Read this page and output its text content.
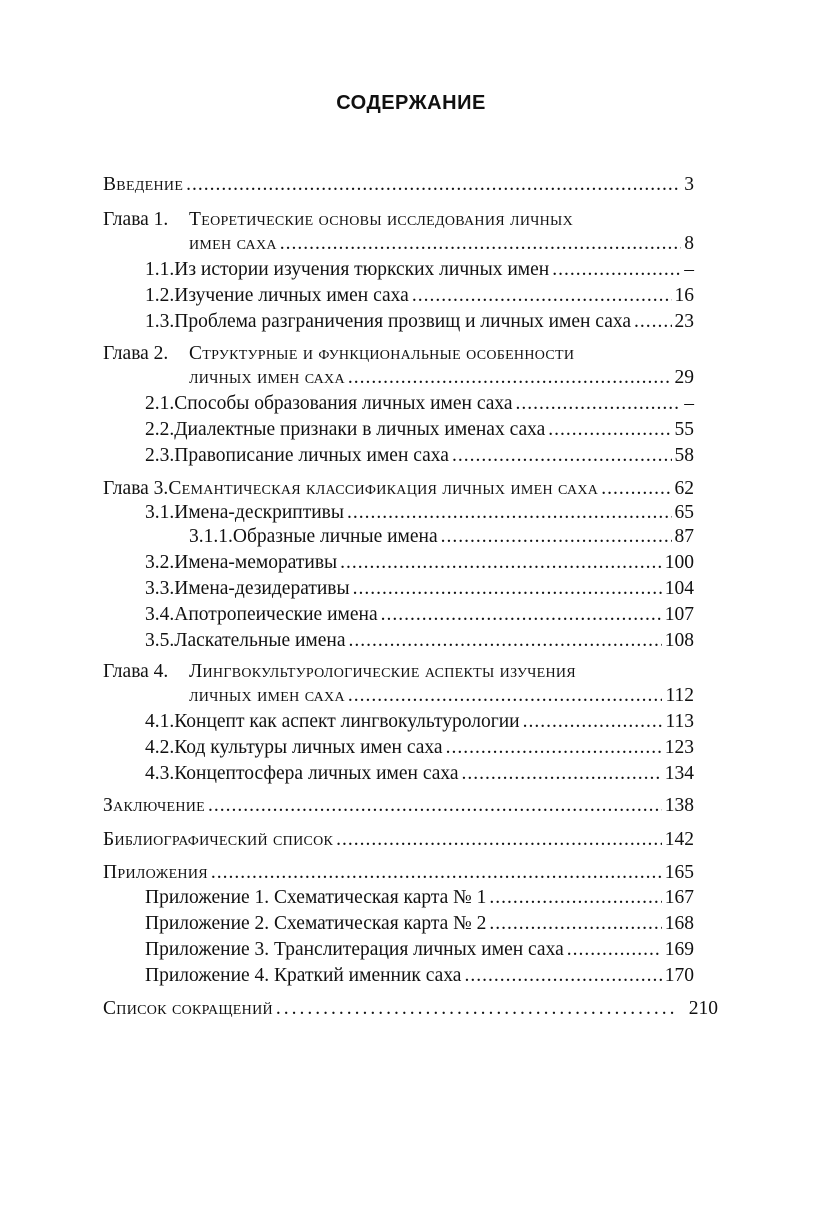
СОДЕРЖАНИЕ
Введение .....	3
Глава 1.	Теоретические основы исследования личных
имен саха .....	8
1.1. Из истории изучения тюркских личных имен .....	–
1.2. Изучение личных имен саха .....	16
1.3. Проблема разграничения прозвищ и личных имен саха ..... 23
Глава 2.	Структурные и функциональные особенности
личных имен саха .....	29
2.1. Способы образования личных имен саха .....	–
2.2. Диалектные признаки в личных именах саха .....	55
2.3. Правописание личных имен саха .....	58
Глава 3. Семантическая классификация личных имен саха .....	62
3.1. Имена-дескриптивы .....	65
3.1.1. Образные личные имена .....	87
3.2. Имена-меморативы .....	100
3.3. Имена-дезидеративы .....	104
3.4. Апотропеические имена .....	107
3.5. Ласкательные имена .....	108
Глава 4.	Лингвокультурологические аспекты изучения
личных имен саха .....	112
4.1. Концепт как аспект лингвокультурологии .....	113
4.2. Код культуры личных имен саха .....	123
4.3. Концептосфера личных имен саха .....	134
Заключение .....	138
Библиографический список .....	142
Приложения .....	165
Приложение 1. Схематическая карта № 1 .....	167
Приложение 2. Схематическая карта № 2 .....	168
Приложение 3. Транслитерация личных имен саха .....	169
Приложение 4. Краткий именник саха .....	170
Список сокращений .....	210
